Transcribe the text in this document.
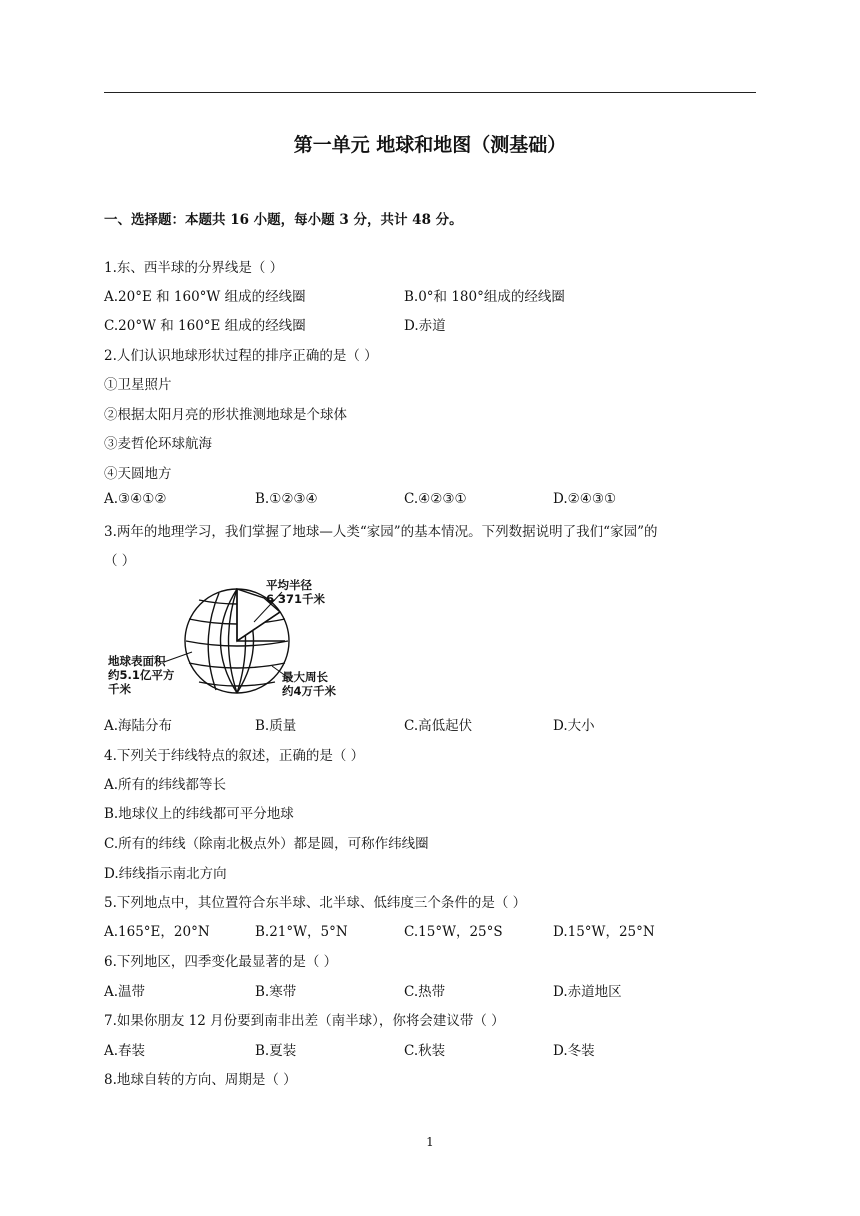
第一单元 地球和地图（测基础）
一、选择题：本题共 16 小题，每小题 3 分，共计 48 分。
1.东、西半球的分界线是（ ）
A.20°E 和 160°W 组成的经线圈	B.0°和 180°组成的经线圈
C.20°W 和 160°E 组成的经线圈	D.赤道
2.人们认识地球形状过程的排序正确的是（ ）
①卫星照片
②根据太阳月亮的形状推测地球是个球体
③麦哲伦环球航海
④天圆地方
A.③④①②	B.①②③④	C.④②③①	D.②④③①
3.两年的地理学习，我们掌握了地球—人类“家园”的基本情况。下列数据说明了我们“家园”的
（ ）
平均半径
6 371千米
地球表面积
约5.1亿平方
千米
最大周长
约4万千米
A.海陆分布	B.质量	C.高低起伏	D.大小
4.下列关于纬线特点的叙述，正确的是（ ）
A.所有的纬线都等长
B.地球仪上的纬线都可平分地球
C.所有的纬线（除南北极点外）都是圆，可称作纬线圈
D.纬线指示南北方向
5.下列地点中，其位置符合东半球、北半球、低纬度三个条件的是（ ）
A.165°E，20°N	B.21°W，5°N	C.15°W，25°S	D.15°W，25°N
6.下列地区，四季变化最显著的是（ ）
A.温带	B.寒带	C.热带	D.赤道地区
7.如果你朋友 12 月份要到南非出差（南半球），你将会建议带（ ）
A.春装	B.夏装	C.秋装	D.冬装
8.地球自转的方向、周期是（ ）
1
